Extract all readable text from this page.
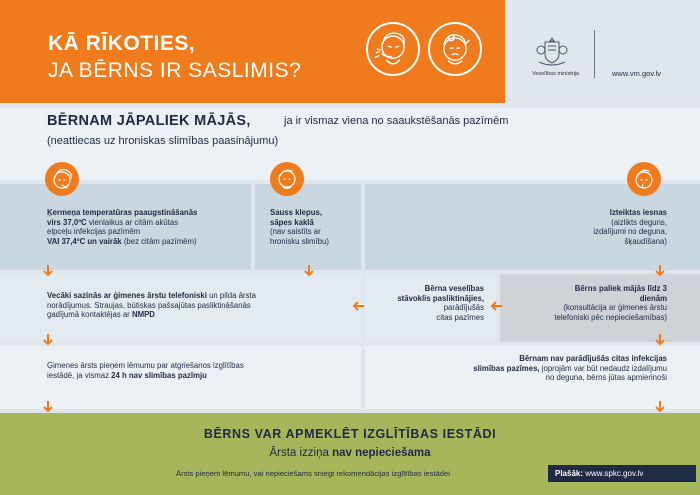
KĀ RĪKOTIES,
JA BĒRNS IR SASLIMIS?	Veselības ministrija	www.vm.gov.lv
BĒRNAM JĀPALIEK MĀJĀS,	ja ir vismaz viena no saaukstēšanās pazīmēm
(neattiecas uz hroniskas slimības paasinājumu)
Ķermeņa temperatūras paaugstināšanās
virs 37,0ºC vienlaikus ar citām akūtas
elpceļu infekcijas pazīmēm
VAI 37,4ºC un vairāk (bez citām pazīmēm)
Sauss klepus,
sāpes kaklā
(nav saistīts ar
hronisku slimību)
Izteiktas iesnas
(aizlikts deguns,
izdalījumi no deguna,
šķaudīšana)
Vecāki sazinās ar ģimenes ārstu telefoniski un pilda ārsta
norādījumus. Straujas, būtiskas pašsajūtas pasliktināšanās
gadījumā kontaktējas ar NMPD
Bērna veselības
stāvoklis pasliktinājies,
parādījušās
citas pazīmes
Bērns paliek mājās līdz 3
dienām
(konsultācija ar ģimenes ārstu
telefoniski pēc nepieciešamības)
Ģimenes ārsts pieņem lēmumu par atgriešanos izglītības
iestādē, ja vismaz 24 h nav slimības pazīmju
Bērnam nav parādījušās citas infekcijas
slimības pazīmes, joprojām var būt nedaudz izdalījumu
no deguna, bērns jūtas apmierinoši
BĒRNS VAR APMEKLĒT IZGLĪTĪBAS IESTĀDI
Ārsta izziņa nav nepieciešama
Ārsts pieņem lēmumu, vai nepieciešams sniegt rekomendācijas izglītības iestādei	Plašāk: www.spkc.gov.lv
